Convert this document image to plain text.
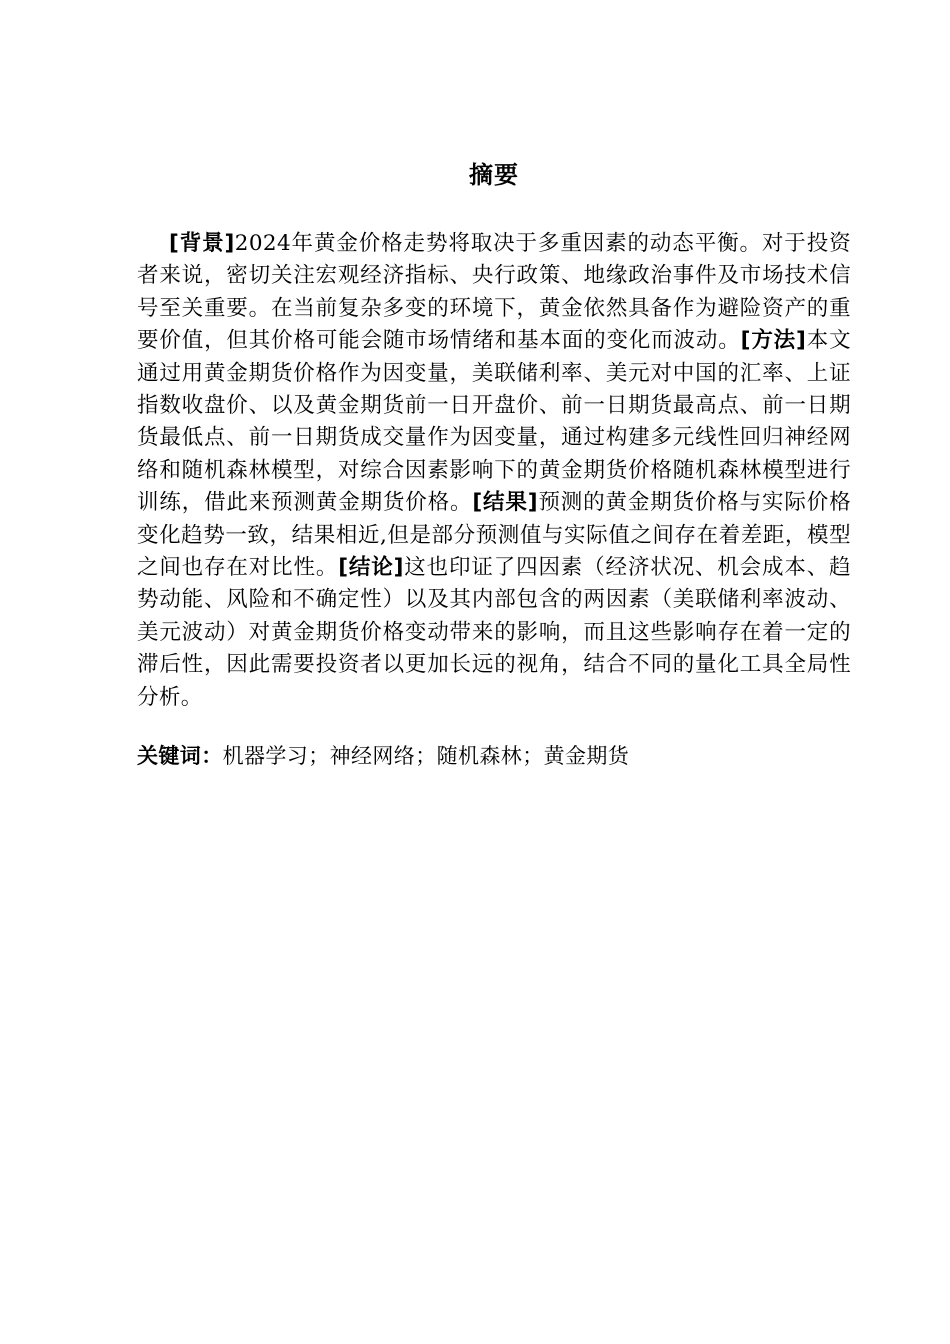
摘要

[背景]2024年黄金价格走势将取决于多重因素的动态平衡。对于投资者来说，密切关注宏观经济指标、央行政策、地缘政治事件及市场技术信号至关重要。在当前复杂多变的环境下，黄金依然具备作为避险资产的重要价值，但其价格可能会随市场情绪和基本面的变化而波动。[方法]本文通过用黄金期货价格作为因变量，美联储利率、美元对中国的汇率、上证指数收盘价、以及黄金期货前一日开盘价、前一日期货最高点、前一日期货最低点、前一日期货成交量作为因变量，通过构建多元线性回归神经网络和随机森林模型，对综合因素影响下的黄金期货价格随机森林模型进行训练，借此来预测黄金期货价格。[结果]预测的黄金期货价格与实际价格变化趋势一致，结果相近,但是部分预测值与实际值之间存在着差距，模型之间也存在对比性。[结论]这也印证了四因素（经济状况、机会成本、趋势动能、风险和不确定性）以及其内部包含的两因素（美联储利率波动、美元波动）对黄金期货价格变动带来的影响，而且这些影响存在着一定的滞后性，因此需要投资者以更加长远的视角，结合不同的量化工具全局性分析。

关键词：机器学习；神经网络；随机森林；黄金期货
